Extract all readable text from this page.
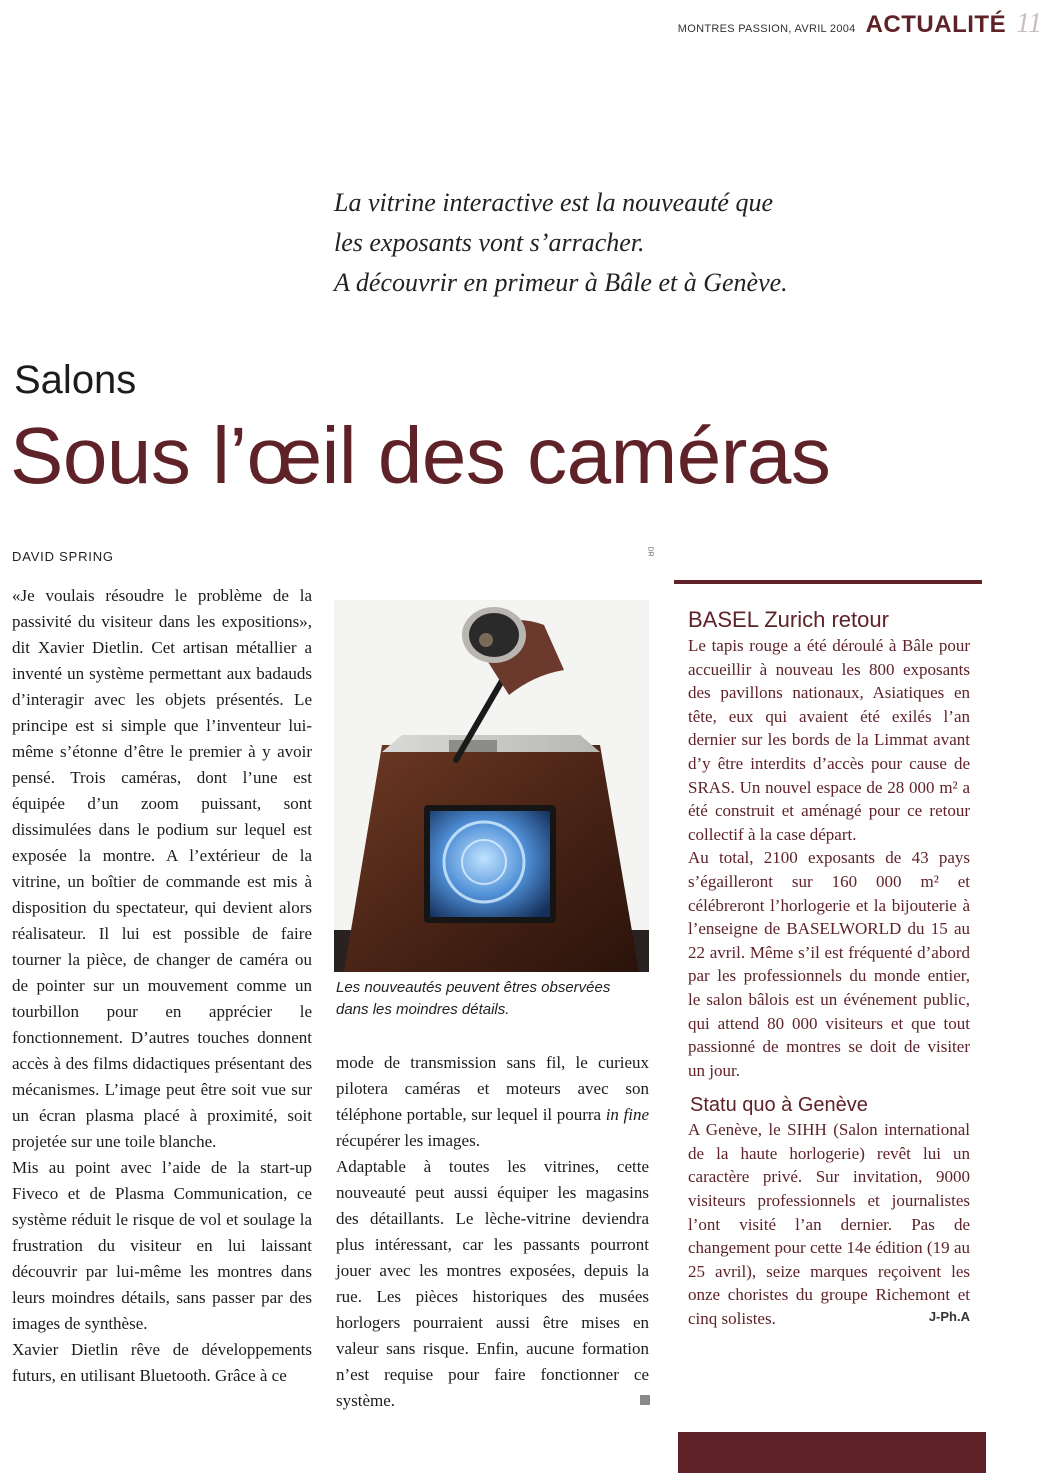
MONTRES PASSION, AVRIL 2004 ACTUALITÉ 11
La vitrine interactive est la nouveauté que
les exposants vont s’arracher.
A découvrir en primeur à Bâle et à Genève.
Salons
Sous l’œil des caméras
DAVID SPRING	DR

«Je voulais résoudre le problème de la passivité du visiteur dans les expositions», dit Xavier Dietlin. Cet artisan métallier a inventé un système permettant aux badauds d’interagir avec les objets présentés. Le principe est si simple que l’inventeur lui-même s’étonne d’être le premier à y avoir pensé. Trois caméras, dont l’une est équipée d’un zoom puissant, sont dissimulées dans le podium sur lequel est exposée la montre. A l’extérieur de la vitrine, un boîtier de commande est mis à disposition du spectateur, qui devient alors réalisateur. Il lui est possible de faire tourner la pièce, de changer de caméra ou de pointer sur un mouvement comme un tourbillon pour en apprécier le fonctionnement. D’autres touches donnent accès à des films didactiques présentant des mécanismes. L’image peut être soit vue sur un écran plasma placé à proximité, soit projetée sur une toile blanche.

Mis au point avec l’aide de la start-up Fiveco et de Plasma Communication, ce système réduit le risque de vol et soulage la frustration du visiteur en lui laissant découvrir par lui-même les montres dans leurs moindres détails, sans passer par des images de synthèse.

Xavier Dietlin rêve de développements futurs, en utilisant Bluetooth. Grâce à ce

Les nouveautés peuvent êtres observées dans les moindres détails.

mode de transmission sans fil, le curieux pilotera caméras et moteurs avec son téléphone portable, sur lequel il pourra in fine récupérer les images.

Adaptable à toutes les vitrines, cette nouveauté peut aussi équiper les magasins des détaillants. Le lèche-vitrine deviendra plus intéressant, car les passants pourront jouer avec les montres exposées, depuis la rue. Les pièces historiques des musées horlogers pourraient aussi être mises en valeur sans risque. Enfin, aucune formation n’est requise pour faire fonctionner ce système.

BASEL Zurich retour

Le tapis rouge a été déroulé à Bâle pour accueillir à nouveau les 800 exposants des pavillons nationaux, Asiatiques en tête, eux qui avaient été exilés l’an dernier sur les bords de la Limmat avant d’y être interdits d’accès pour cause de SRAS. Un nouvel espace de 28 000 m² a été construit et aménagé pour ce retour collectif à la case départ.

Au total, 2100 exposants de 43 pays s’égailleront sur 160 000 m² et célébreront l’horlogerie et la bijouterie à l’enseigne de BASELWORLD du 15 au 22 avril. Même s’il est fréquenté d’abord par les professionnels du monde entier, le salon bâlois est un événement public, qui attend 80 000 visiteurs et que tout passionné de montres se doit de visiter un jour.

Statu quo à Genève

A Genève, le SIHH (Salon international de la haute horlogerie) revêt lui un caractère privé. Sur invitation, 9000 visiteurs professionnels et journalistes l’ont visité l’an dernier. Pas de changement pour cette 14e édition (19 au 25 avril), seize marques reçoivent les onze choristes du groupe Richemont et cinq solistes.	J-Ph.A
